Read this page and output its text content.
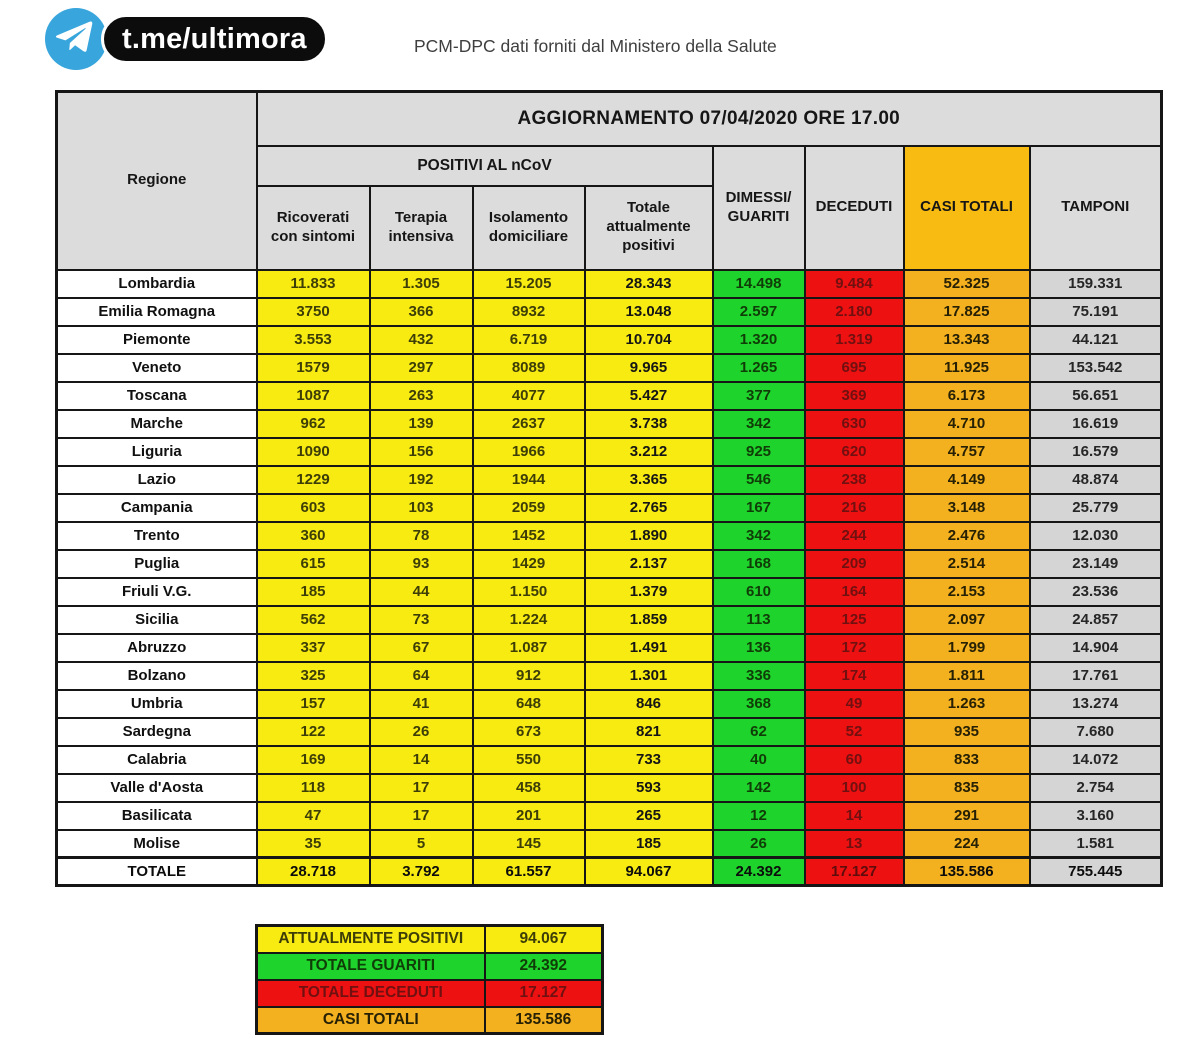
t.me/ultimora	PCM-DPC dati forniti dal Ministero della Salute
Regione	AGGIORNAMENTO 07/04/2020 ORE 17.00							
	POSITIVI AL nCoV				DIMESSI/ GUARITI	DECEDUTI	CASI TOTALI	TAMPONI
	Ricoverati con sintomi	Terapia intensiva	Isolamento domiciliare	Totale attualmente positivi				
Lombardia	11.833	1.305	15.205	28.343	14.498	9.484	52.325	159.331
Emilia Romagna	3750	366	8932	13.048	2.597	2.180	17.825	75.191
Piemonte	3.553	432	6.719	10.704	1.320	1.319	13.343	44.121
Veneto	1579	297	8089	9.965	1.265	695	11.925	153.542
Toscana	1087	263	4077	5.427	377	369	6.173	56.651
Marche	962	139	2637	3.738	342	630	4.710	16.619
Liguria	1090	156	1966	3.212	925	620	4.757	16.579
Lazio	1229	192	1944	3.365	546	238	4.149	48.874
Campania	603	103	2059	2.765	167	216	3.148	25.779
Trento	360	78	1452	1.890	342	244	2.476	12.030
Puglia	615	93	1429	2.137	168	209	2.514	23.149
Friuli V.G.	185	44	1.150	1.379	610	164	2.153	23.536
Sicilia	562	73	1.224	1.859	113	125	2.097	24.857
Abruzzo	337	67	1.087	1.491	136	172	1.799	14.904
Bolzano	325	64	912	1.301	336	174	1.811	17.761
Umbria	157	41	648	846	368	49	1.263	13.274
Sardegna	122	26	673	821	62	52	935	7.680
Calabria	169	14	550	733	40	60	833	14.072
Valle d'Aosta	118	17	458	593	142	100	835	2.754
Basilicata	47	17	201	265	12	14	291	3.160
Molise	35	5	145	185	26	13	224	1.581
TOTALE	28.718	3.792	61.557	94.067	24.392	17.127	135.586	755.445
ATTUALMENTE POSITIVI	94.067
TOTALE GUARITI	24.392
TOTALE DECEDUTI	17.127
CASI TOTALI	135.586
